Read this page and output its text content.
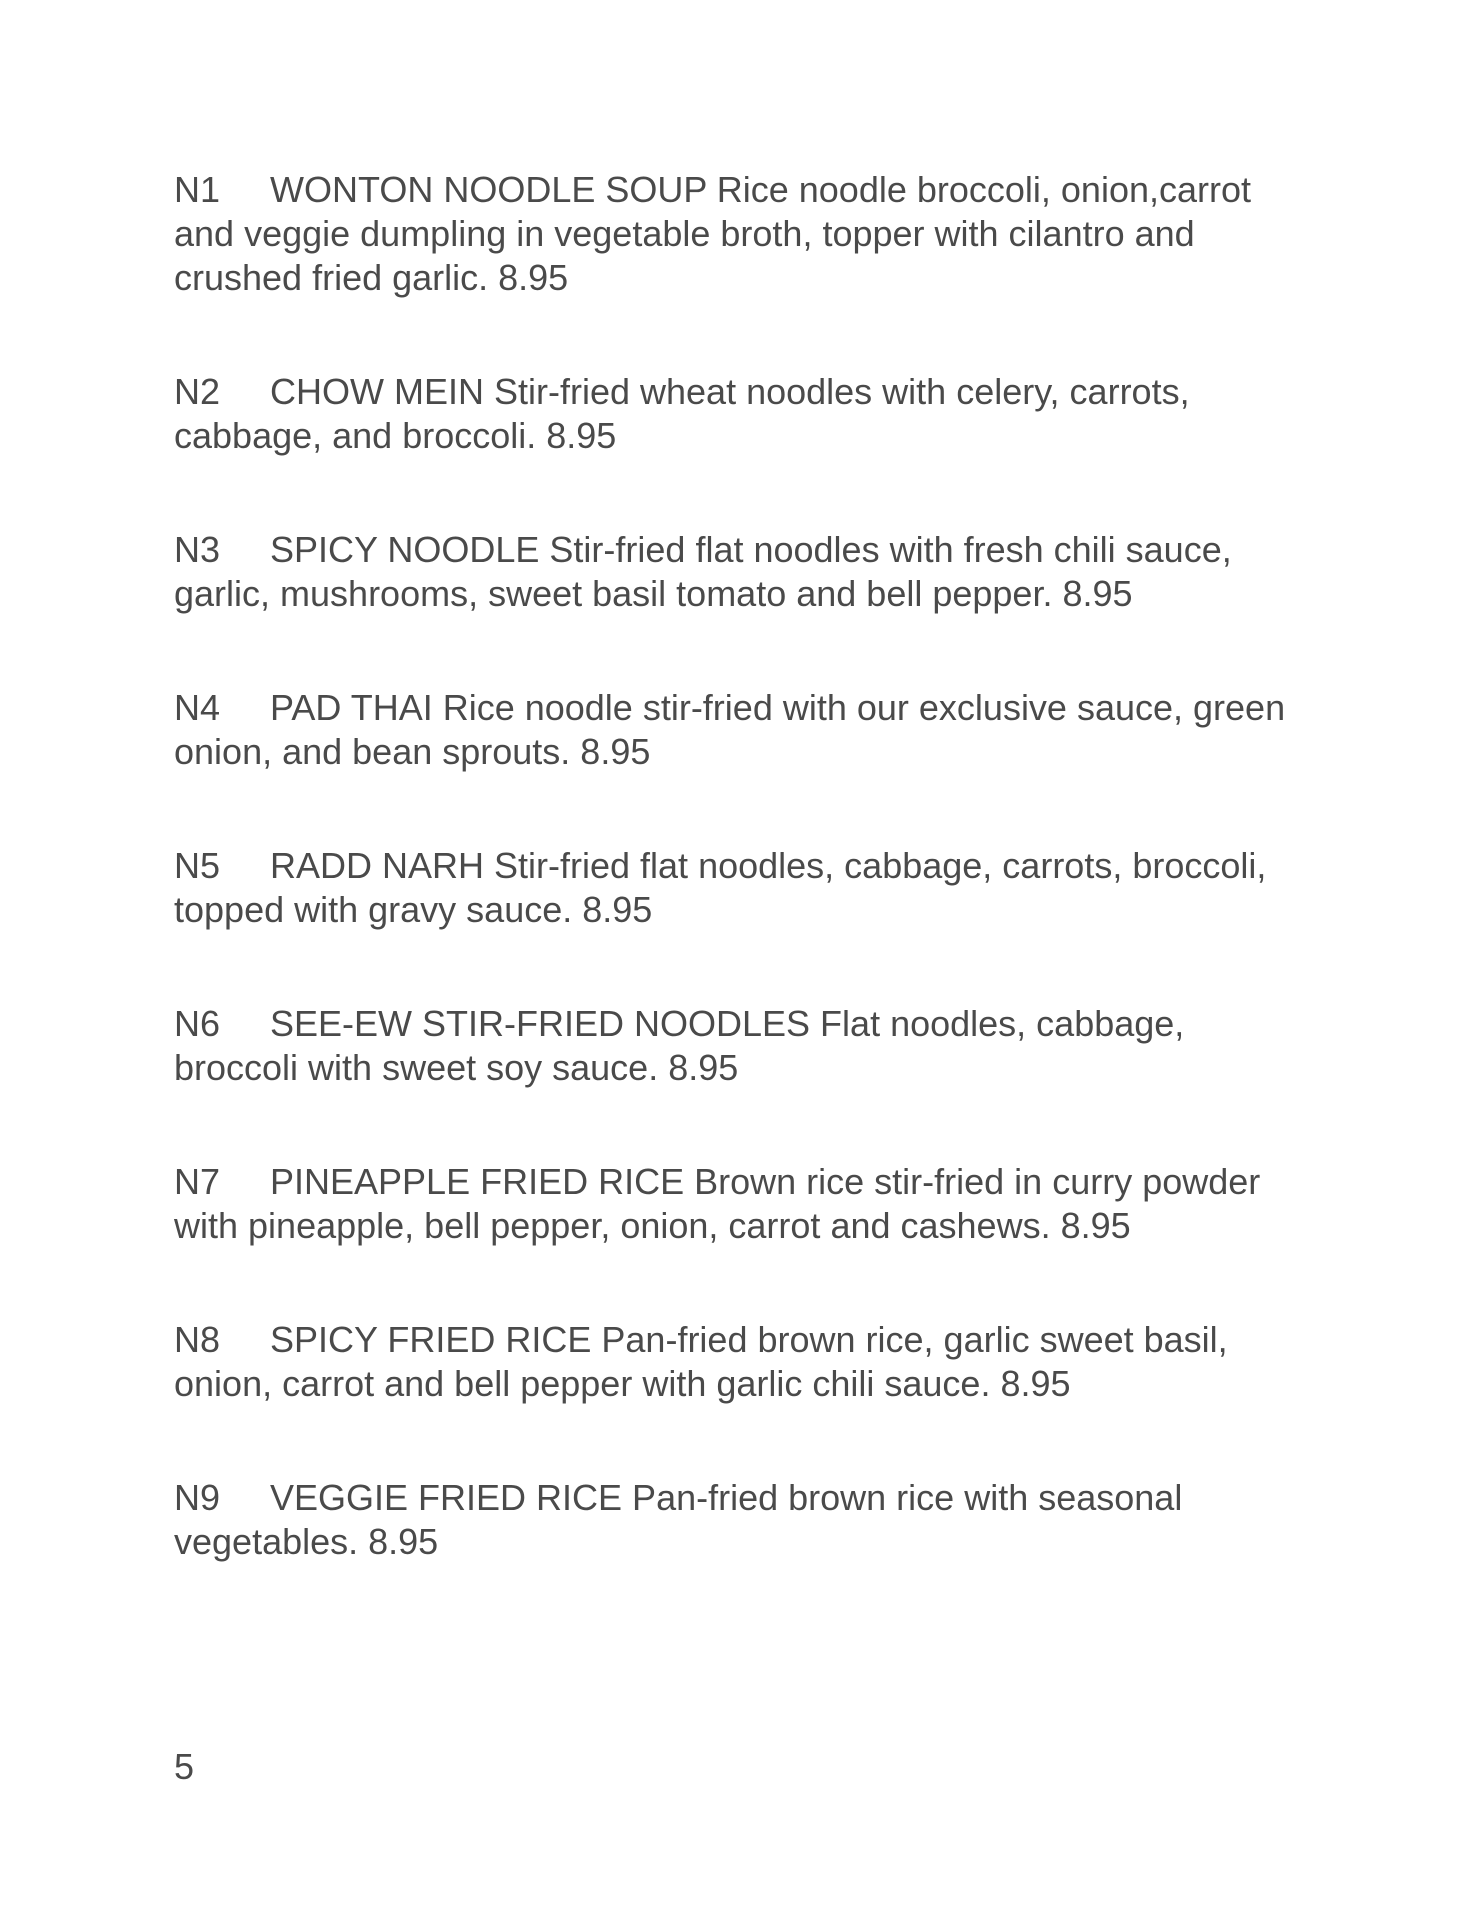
N1 WONTON NOODLE SOUP Rice noodle broccoli, onion,carrot
and veggie dumpling in vegetable broth, topper with cilantro and
crushed fried garlic. 8.95

N2 CHOW MEIN Stir-fried wheat noodles with celery, carrots,
cabbage, and broccoli. 8.95

N3 SPICY NOODLE Stir-fried flat noodles with fresh chili sauce,
garlic, mushrooms, sweet basil tomato and bell pepper. 8.95

N4 PAD THAI Rice noodle stir-fried with our exclusive sauce, green
onion, and bean sprouts. 8.95

N5 RADD NARH Stir-fried flat noodles, cabbage, carrots, broccoli,
topped with gravy sauce. 8.95

N6 SEE-EW STIR-FRIED NOODLES Flat noodles, cabbage,
broccoli with sweet soy sauce. 8.95

N7 PINEAPPLE FRIED RICE Brown rice stir-fried in curry powder
with pineapple, bell pepper, onion, carrot and cashews. 8.95

N8 SPICY FRIED RICE Pan-fried brown rice, garlic sweet basil,
onion, carrot and bell pepper with garlic chili sauce. 8.95

N9 VEGGIE FRIED RICE Pan-fried brown rice with seasonal
vegetables. 8.95

5
